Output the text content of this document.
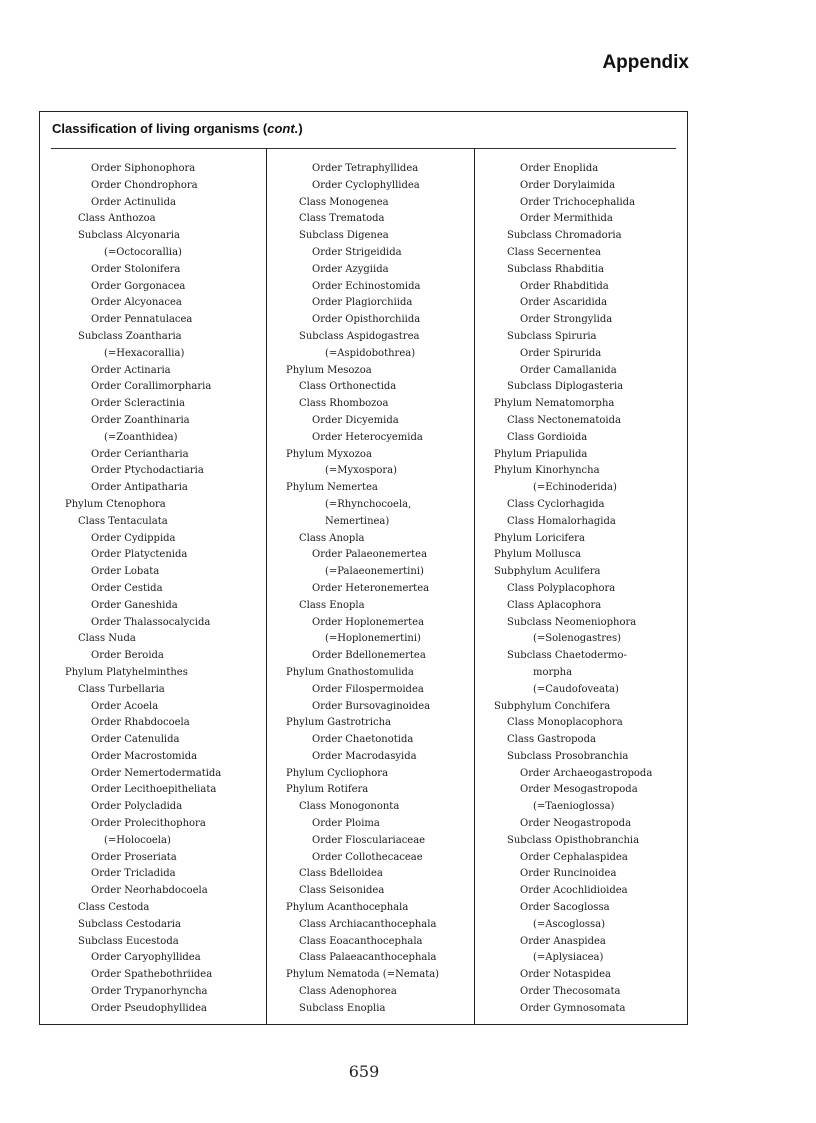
Appendix
Classification of living organisms (cont.)
Order Siphonophora
Order Chondrophora
Order Actinulida
Class Anthozoa
Subclass Alcyonaria
(=Octocorallia)
Order Stolonifera
Order Gorgonacea
Order Alcyonacea
Order Pennatulacea
Subclass Zoantharia
(=Hexacorallia)
Order Actinaria
Order Corallimorpharia
Order Scleractinia
Order Zoanthinaria
(=Zoanthidea)
Order Ceriantharia
Order Ptychodactiaria
Order Antipatharia
Phylum Ctenophora
Class Tentaculata
Order Cydippida
Order Platyctenida
Order Lobata
Order Cestida
Order Ganeshida
Order Thalassocalycida
Class Nuda
Order Beroida
Phylum Platyhelminthes
Class Turbellaria
Order Acoela
Order Rhabdocoela
Order Catenulida
Order Macrostomida
Order Nemertodermatida
Order Lecithoepitheliata
Order Polycladida
Order Prolecithophora
(=Holocoela)
Order Proseriata
Order Tricladida
Order Neorhabdocoela
Class Cestoda
Subclass Cestodaria
Subclass Eucestoda
Order Caryophyllidea
Order Spathebothriidea
Order Trypanorhyncha
Order Pseudophyllidea
Order Tetraphyllidea
Order Cyclophyllidea
Class Monogenea
Class Trematoda
Subclass Digenea
Order Strigeidida
Order Azygiida
Order Echinostomida
Order Plagiorchiida
Order Opisthorchiida
Subclass Aspidogastrea
(=Aspidobothrea)
Phylum Mesozoa
Class Orthonectida
Class Rhombozoa
Order Dicyemida
Order Heterocyemida
Phylum Myxozoa
(=Myxospora)
Phylum Nemertea
(=Rhynchocoela,
Nemertinea)
Class Anopla
Order Palaeonemertea
(=Palaeonemertini)
Order Heteronemertea
Class Enopla
Order Hoplonemertea
(=Hoplonemertini)
Order Bdellonemertea
Phylum Gnathostomulida
Order Filospermoidea
Order Bursovaginoidea
Phylum Gastrotricha
Order Chaetonotida
Order Macrodasyida
Phylum Cycliophora
Phylum Rotifera
Class Monogononta
Order Ploima
Order Flosculariaceae
Order Collothecaceae
Class Bdelloidea
Class Seisonidea
Phylum Acanthocephala
Class Archiacanthocephala
Class Eoacanthocephala
Class Palaeacanthocephala
Phylum Nematoda (=Nemata)
Class Adenophorea
Subclass Enoplia
Order Enoplida
Order Dorylaimida
Order Trichocephalida
Order Mermithida
Subclass Chromadoria
Class Secernentea
Subclass Rhabditia
Order Rhabditida
Order Ascaridida
Order Strongylida
Subclass Spiruria
Order Spirurida
Order Camallanida
Subclass Diplogasteria
Phylum Nematomorpha
Class Nectonematoida
Class Gordioida
Phylum Priapulida
Phylum Kinorhyncha
(=Echinoderida)
Class Cyclorhagida
Class Homalorhagida
Phylum Loricifera
Phylum Mollusca
Subphylum Aculifera
Class Polyplacophora
Class Aplacophora
Subclass Neomeniophora
(=Solenogastres)
Subclass Chaetodermo-
morpha
(=Caudofoveata)
Subphylum Conchifera
Class Monoplacophora
Class Gastropoda
Subclass Prosobranchia
Order Archaeogastropoda
Order Mesogastropoda
(=Taenioglossa)
Order Neogastropoda
Subclass Opisthobranchia
Order Cephalaspidea
Order Runcinoidea
Order Acochlidioidea
Order Sacoglossa
(=Ascoglossa)
Order Anaspidea
(=Aplysiacea)
Order Notaspidea
Order Thecosomata
Order Gymnosomata
659
